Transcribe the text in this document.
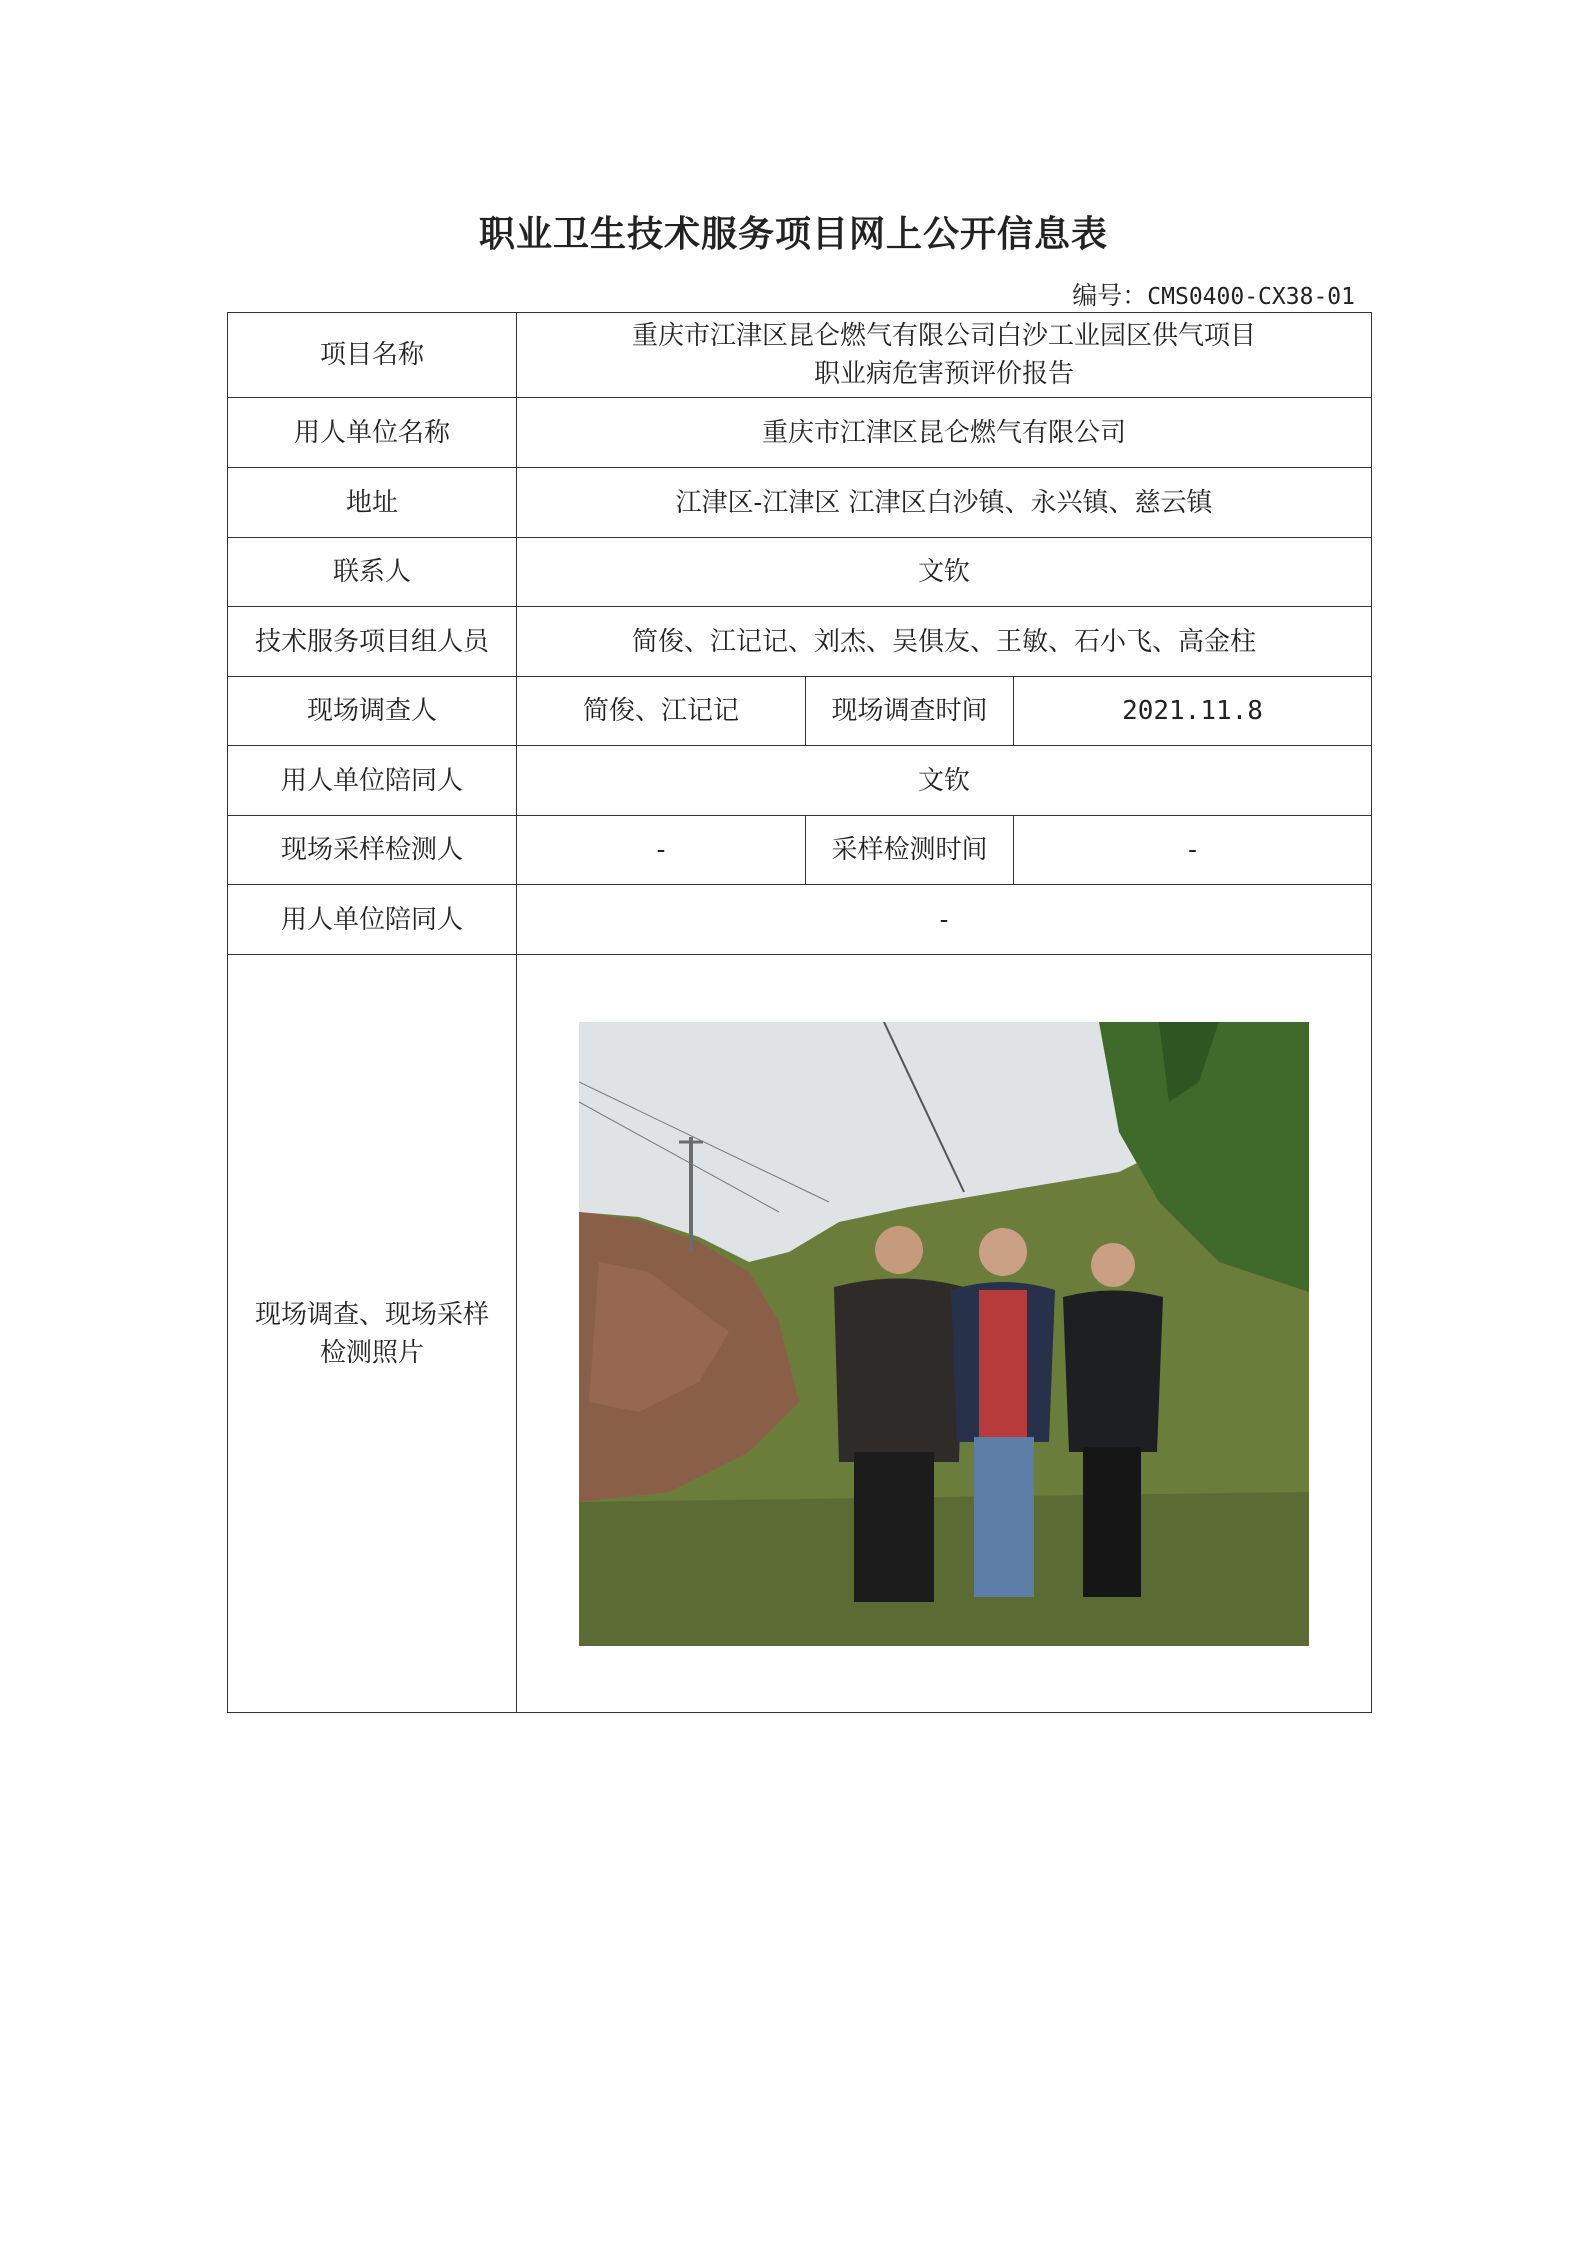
职业卫生技术服务项目网上公开信息表
编号：CMS0400-CX38-01
项目名称	重庆市江津区昆仑燃气有限公司白沙工业园区供气项目
职业病危害预评价报告		

用人单位名称	重庆市江津区昆仑燃气有限公司		
地址	江津区-江津区 江津区白沙镇、永兴镇、慈云镇		
联系人	文钦		
技术服务项目组人员	简俊、江记记、刘杰、吴俱友、王敏、石小飞、高金柱		
现场调查人	简俊、江记记	现场调查时间	2021.11.8
用人单位陪同人	文钦		
现场采样检测人	-	采样检测时间	-
用人单位陪同人	-		

现场调查、现场采样
检测照片
